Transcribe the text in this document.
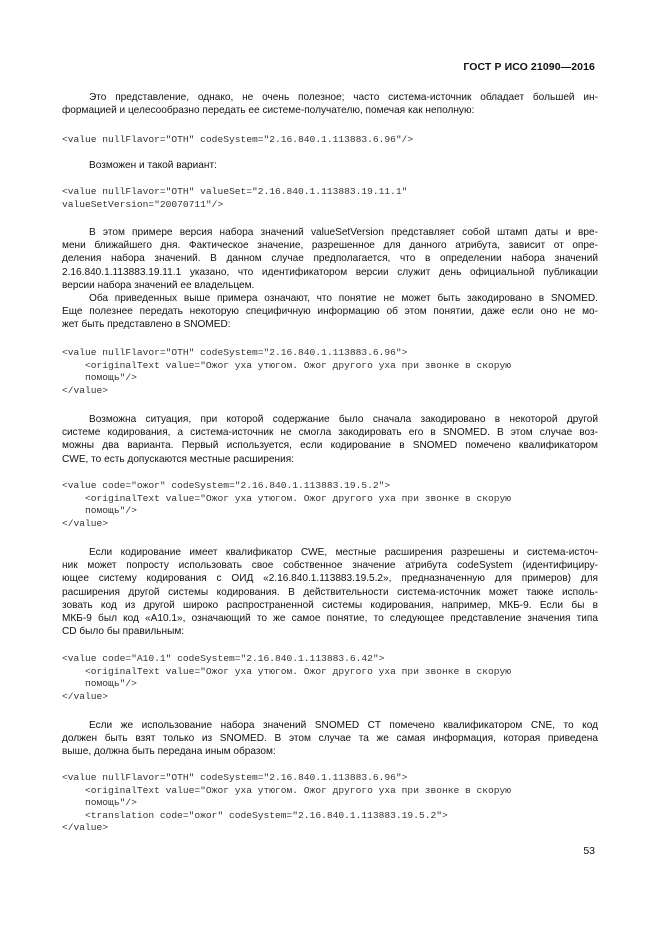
ГОСТ Р ИСО 21090—2016
Это представление, однако, не очень полезное; часто система-источник обладает большей ин-
формацией и целесообразно передать ее системе-получателю, помечая как неполную:
<value nullFlavor="OTH" codeSystem="2.16.840.1.113883.6.96"/>
Возможен и такой вариант:
<value nullFlavor="OTH" valueSet="2.16.840.1.113883.19.11.1"
valueSetVersion="20070711"/>
В этом примере версия набора значений valueSetVersion представляет собой штамп даты и вре-
мени ближайшего дня. Фактическое значение, разрешенное для данного атрибута, зависит от опре-
деления набора значений. В данном случае предполагается, что в определении набора значений
2.16.840.1.113883.19.11.1 указано, что идентификатором версии служит день официальной публикации
версии набора значений ее владельцем.
Оба приведенных выше примера означают, что понятие не может быть закодировано в SNOMED.
Еще полезнее передать некоторую специфичную информацию об этом понятии, даже если оно не мо-
жет быть представлено в SNOMED:
<value nullFlavor="OTH" codeSystem="2.16.840.1.113883.6.96">
<originalText value="Ожог уха утюгом. Ожог другого уха при звонке в скорую
помощь"/>
</value>
Возможна ситуация, при которой содержание было сначала закодировано в некоторой другой
системе кодирования, а система-источник не смогла закодировать его в SNOMED. В этом случае воз-
можны два варианта. Первый используется, если кодирование в SNOMED помечено квалификатором
CWE, то есть допускаются местные расширения:
<value code="ожог" codeSystem="2.16.840.1.113883.19.5.2">
<originalText value="Ожог уха утюгом. Ожог другого уха при звонке в скорую
помощь"/>
</value>
Если кодирование имеет квалификатор CWE, местные расширения разрешены и система-источ-
ник может попросту использовать свое собственное значение атрибута codeSystem (идентифициру-
ющее систему кодирования с ОИД «2.16.840.1.113883.19.5.2», предназначенную для примеров) для
расширения другой системы кодирования. В действительности система-источник может также исполь-
зовать код из другой широко распространенной системы кодирования, например, МКБ-9. Если бы в
МКБ-9 был код «A10.1», означающий то же самое понятие, то следующее представление значения типа
CD было бы правильным:
<value code="A10.1" codeSystem="2.16.840.1.113883.6.42">
<originalText value="Ожог уха утюгом. Ожог другого уха при звонке в скорую
помощь"/>
</value>
Если же использование набора значений SNOMED CT помечено квалификатором CNE, то код
должен быть взят только из SNOMED. В этом случае та же самая информация, которая приведена
выше, должна быть передана иным образом:
<value nullFlavor="OTH" codeSystem="2.16.840.1.113883.6.96">
<originalText value="Ожог уха утюгом. Ожог другого уха при звонке в скорую
помощь"/>
<translation code="ожог" codeSystem="2.16.840.1.113883.19.5.2">
</value>
53
